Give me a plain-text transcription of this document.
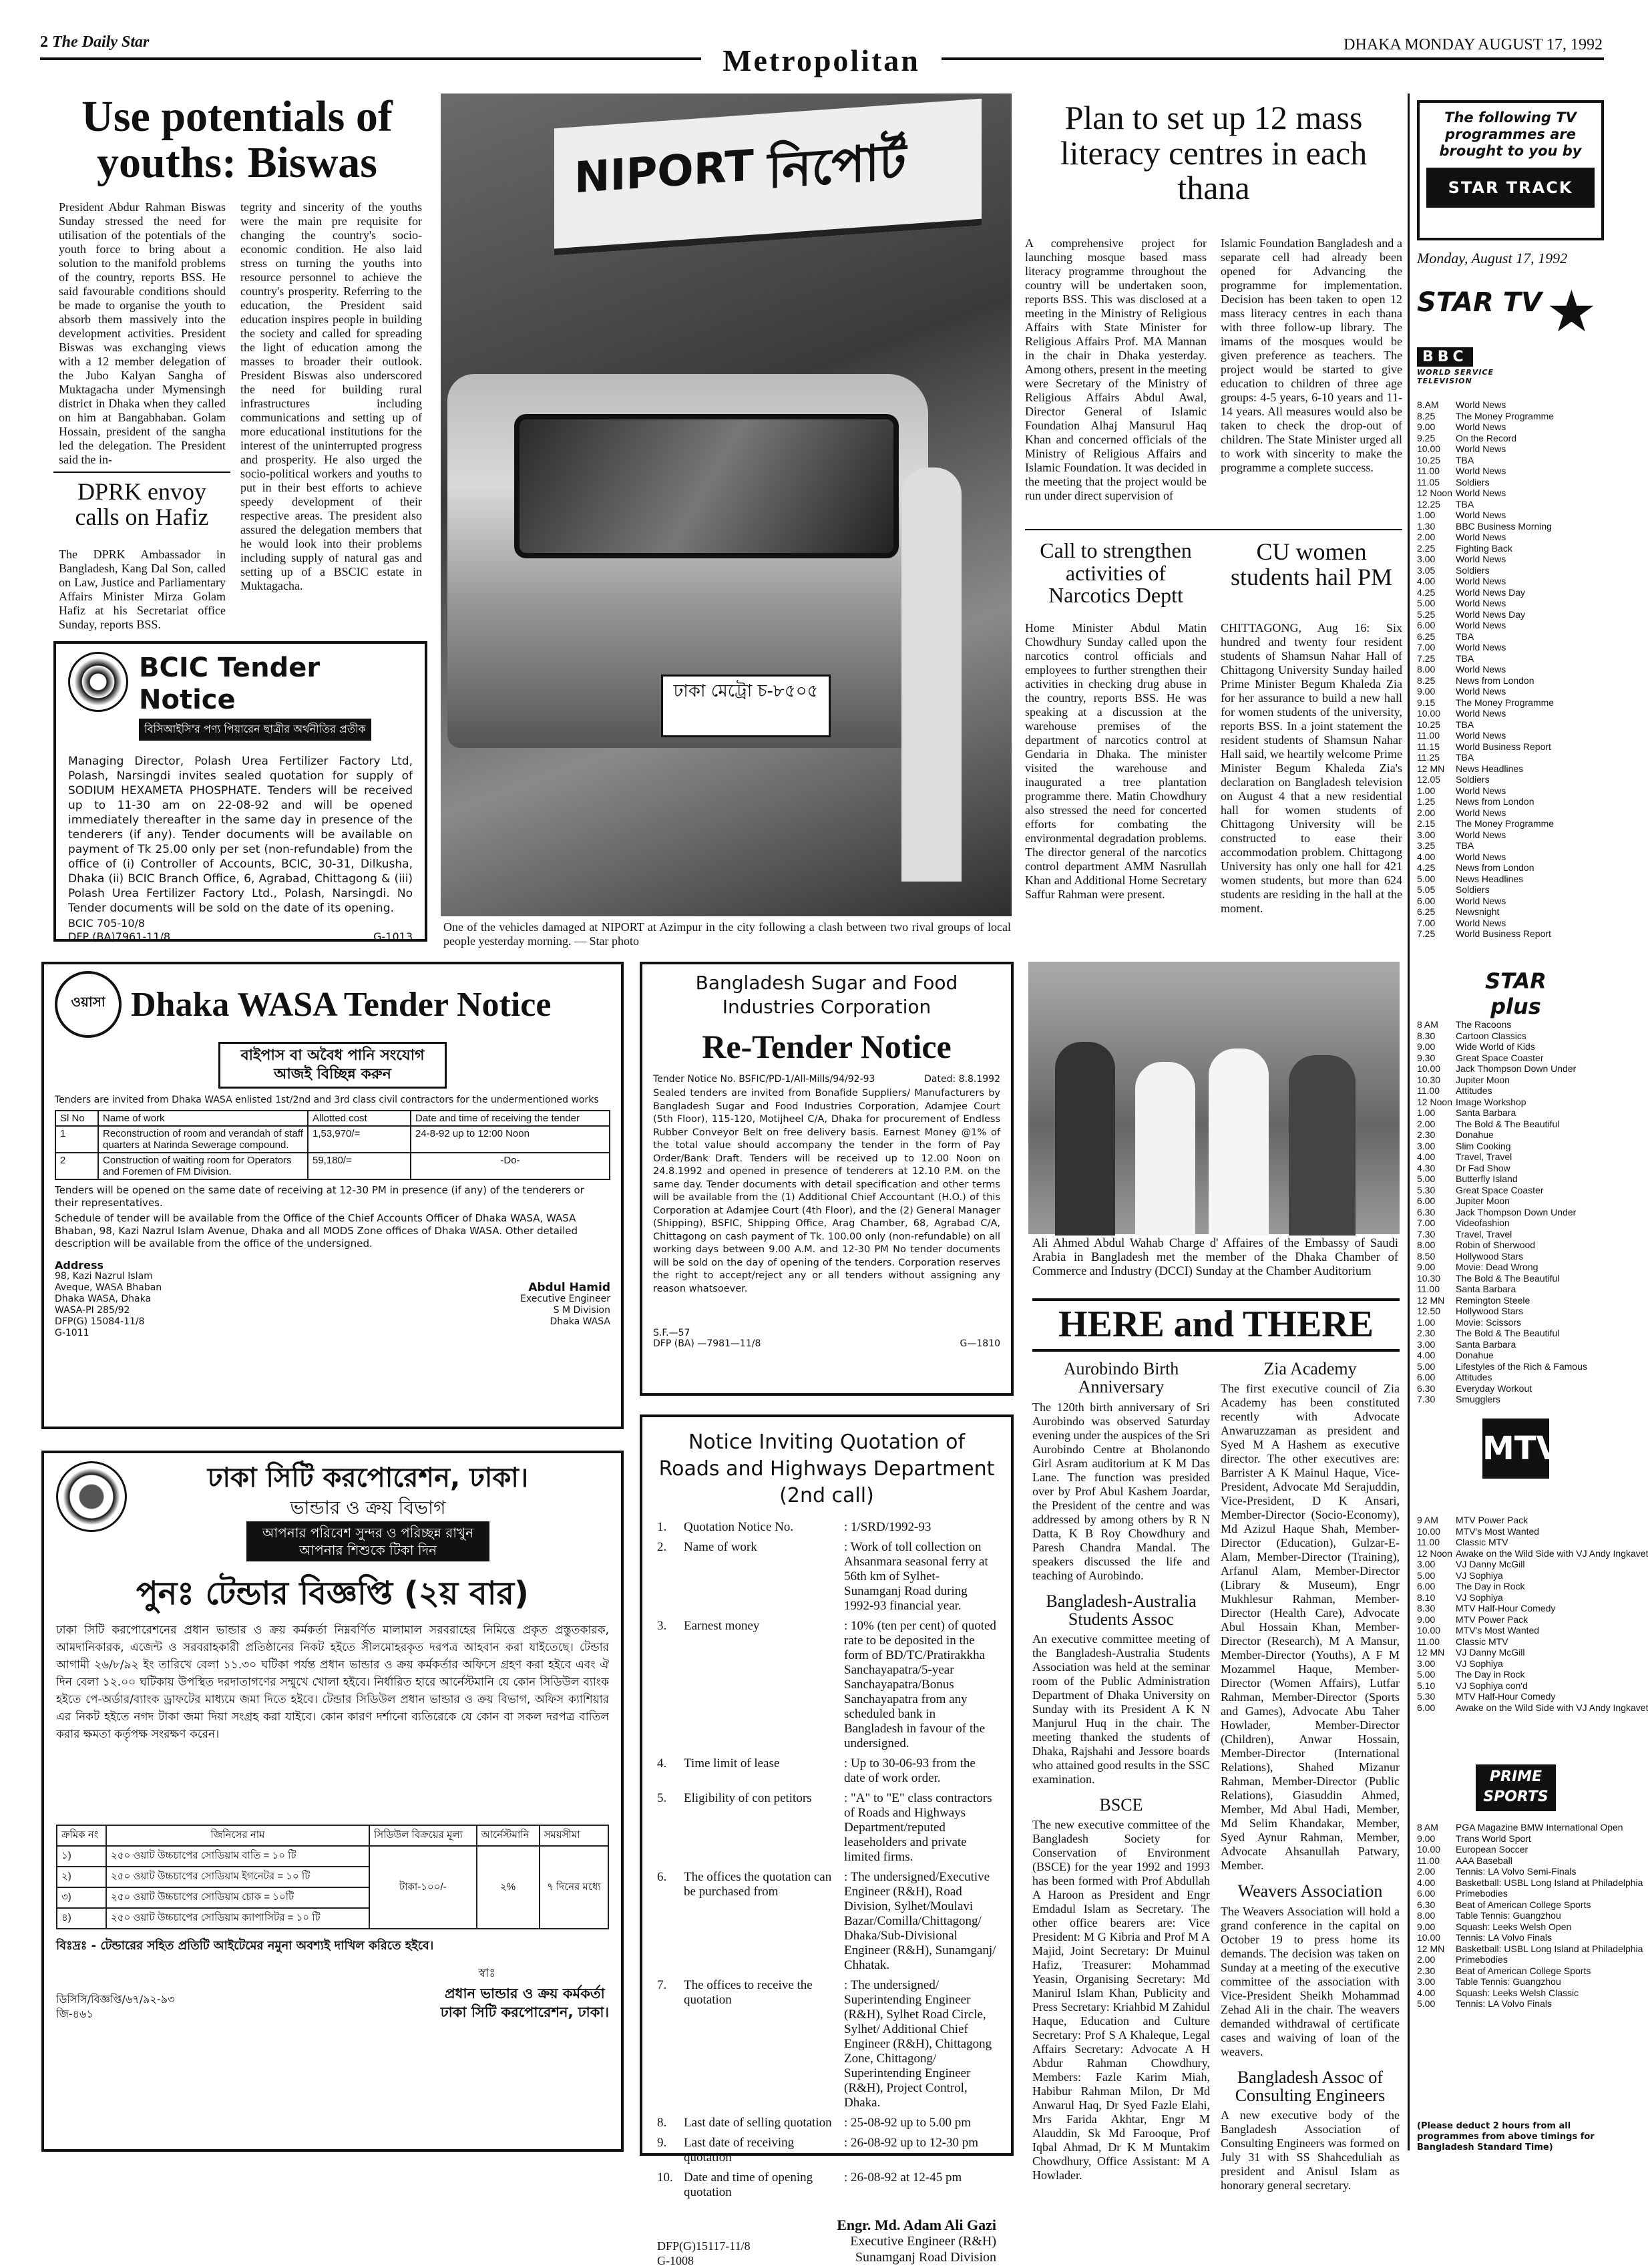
2 The Daily Star
Metropolitan	DHAKA MONDAY AUGUST 17, 1992
Use potentials of youths: Biswas
President Abdur Rahman Biswas Sunday stressed the need for utilisation of the potentials of the youth force to bring about a solution to the manifold problems of the country, reports BSS. He said favourable conditions should be made to organise the youth to absorb them massively into the development activities. President Biswas was exchanging views with a 12 member delegation of the Jubo Kalyan Sangha of Muktagacha under Mymensingh district in Dhaka when they called on him at Bangabhaban. Golam Hossain, president of the sangha led the delegation. The President said the in-
tegrity and sincerity of the youths were the main pre requisite for changing the country's socio-economic condition. He also laid stress on turning the youths into resource personnel to achieve the country's prosperity. Referring to the education, the President said education inspires people in building the society and called for spreading the light of education among the masses to broader their outlook. President Biswas also underscored the need for building rural infrastructures including communications and setting up of more educational institutions for the interest of the uninterrupted progress and prosperity. He also urged the socio-political workers and youths to put in their best efforts to achieve speedy development of their respective areas. The president also assured the delegation members that he would look into their problems including supply of natural gas and setting up of a BSCIC estate in Muktagacha.
DPRK envoy calls on Hafiz
The DPRK Ambassador in Bangladesh, Kang Dal Son, called on Law, Justice and Parliamentary Affairs Minister Mirza Golam Hafiz at his Secretariat office Sunday, reports BSS.
BCIC Tender Notice
বিসিআইসি'র পণ্য পিয়ারেন ছাত্রীর অর্থনীতির প্রতীক
Managing Director, Polash Urea Fertilizer Factory Ltd, Polash, Narsingdi invites sealed quotation for supply of SODIUM HEXAMETA PHOSPHATE. Tenders will be received up to 11-30 am on 22-08-92 and will be opened immediately thereafter in the same day in presence of the tenderers (if any). Tender documents will be available on payment of Tk 25.00 only per set (non-refundable) from the office of (i) Controller of Accounts, BCIC, 30-31, Dilkusha, Dhaka (ii) BCIC Branch Office, 6, Agrabad, Chittagong & (iii) Polash Urea Fertilizer Factory Ltd., Polash, Narsingdi. No Tender documents will be sold on the date of its opening.
BCIC 705-10/8
DFP (BA)7961-11/8	G-1013
NIPORT নিপোর্ট
ঢাকা মেট্রো চ-৮৫০৫
One of the vehicles damaged at NIPORT at Azimpur in the city following a clash between two rival groups of local people yesterday morning. — Star photo
Plan to set up 12 mass literacy centres in each thana
A comprehensive project for launching mosque based mass literacy programme throughout the country will be undertaken soon, reports BSS. This was disclosed at a meeting in the Ministry of Religious Affairs with State Minister for Religious Affairs Prof. MA Mannan in the chair in Dhaka yesterday. Among others, present in the meeting were Secretary of the Ministry of Religious Affairs Abdul Awal, Director General of Islamic Foundation Alhaj Mansurul Haq Khan and concerned officials of the Ministry of Religious Affairs and Islamic Foundation. It was decided in the meeting that the project would be run under direct supervision of
Islamic Foundation Bangladesh and a separate cell had already been opened for Advancing the programme for implementation. Decision has been taken to open 12 mass literacy centres in each thana with three follow-up library. The imams of the mosques would be given preference as teachers. The project would be started to give education to children of three age groups: 4-5 years, 6-10 years and 11-14 years. All measures would also be taken to check the drop-out of children. The State Minister urged all to work with sincerity to make the programme a complete success.
Call to strengthen activities of Narcotics Deptt
Home Minister Abdul Matin Chowdhury Sunday called upon the narcotics control officials and employees to further strengthen their activities in checking drug abuse in the country, reports BSS. He was speaking at a discussion at the warehouse premises of the department of narcotics control at Gendaria in Dhaka. The minister visited the warehouse and inaugurated a tree plantation programme there. Matin Chowdhury also stressed the need for concerted efforts for combating the environmental degradation problems. The director general of the narcotics control department AMM Nasrullah Khan and Additional Home Secretary Saffur Rahman were present.
CU women students hail PM
CHITTAGONG, Aug 16: Six hundred and twenty four resident students of Shamsun Nahar Hall of Chittagong University Sunday hailed Prime Minister Begum Khaleda Zia for her assurance to build a new hall for women students of the university, reports BSS. In a joint statement the resident students of Shamsun Nahar Hall said, we heartily welcome Prime Minister Begum Khaleda Zia's declaration on Bangladesh television on August 4 that a new residential hall for women students of Chittagong University will be constructed to ease their accommodation problem. Chittagong University has only one hall for 421 women students, but more than 624 students are residing in the hall at the moment.
The following TV programmes are brought to you by
STAR TRACK
Monday, August 17, 1992
STAR TV ★
BBC
WORLD SERVICE TELEVISION
8.AM	World News
8.25	The Money Programme
9.00	World News
9.25	On the Record
10.00	World News
10.25	TBA
11.00	World News
11.05	Soldiers
12 Noon World News
12.25	TBA
1.00	World News
1.30	BBC Business Morning
2.00	World News
2.25	Fighting Back
3.00	World News
3.05	Soldiers
4.00	World News
4.25	World News Day
5.00	World News
5.25	World News Day
6.00	World News
6.25	TBA
7.00	World News
7.25	TBA
8.00	World News
8.25	News from London
9.00	World News
9.15	The Money Programme
10.00	World News
10.25	TBA
11.00	World News
11.15	World Business Report
11.25	TBA
12 MN	News Headlines
12.05	Soldiers
1.00	World News
1.25	News from London
2.00	World News
2.15	The Money Programme
3.00	World News
3.25	TBA
4.00	World News
4.25	News from London
5.00	News Headlines
5.05	Soldiers
6.00	World News
6.25	Newsnight
7.00	World News
7.25	World Business Report
STAR plus
8 AM	The Racoons
8.30	Cartoon Classics
9.00	Wide World of Kids
9.30	Great Space Coaster
10.00	Jack Thompson Down Under
10.30	Jupiter Moon
11.00	Attitudes
12 Noon Image Workshop
1.00	Santa Barbara
2.00	The Bold & The Beautiful
2.30	Donahue
3.00	Slim Cooking
4.00	Travel, Travel
4.30	Dr Fad Show
5.00	Butterfly Island
5.30	Great Space Coaster
6.00	Jupiter Moon
6.30	Jack Thompson Down Under
7.00	Videofashion
7.30	Travel, Travel
8.00	Robin of Sherwood
8.50	Hollywood Stars
9.00	Movie: Dead Wrong
10.30	The Bold & The Beautiful
11.00	Santa Barbara
12 MN	Remington Steele
12.50	Hollywood Stars
1.00	Movie: Scissors
2.30	The Bold & The Beautiful
3.00	Santa Barbara
4.00	Donahue
5.00	Lifestyles of the Rich & Famous
6.00	Attitudes
6.30	Everyday Workout
7.30	Smugglers
MTV
9 AM	MTV Power Pack
10.00	MTV's Most Wanted
11.00	Classic MTV
12 Noon Awake on the Wild Side with VJ Andy Ingkavet
3.00	VJ Danny McGill
5.00	VJ Sophiya
6.00	The Day in Rock
8.10	VJ Sophiya
8.30	MTV Half-Hour Comedy
9.00	MTV Power Pack
10.00	MTV's Most Wanted
11.00	Classic MTV
12 MN	VJ Danny McGill
3.00	VJ Sophiya
5.00	The Day in Rock
5.10	VJ Sophiya con'd
5.30	MTV Half-Hour Comedy
6.00	Awake on the Wild Side with VJ Andy Ingkavet
PRIME SPORTS
8 AM	PGA Magazine BMW International Open
9.00	Trans World Sport
10.00	European Soccer
11.00	AAA Baseball
2.00	Tennis: LA Volvo Semi-Finals
4.00	Basketball: USBL Long Island at Philadelphia
6.00	Primebodies
6.30	Beat of American College Sports
8.00	Table Tennis: Guangzhou
9.00	Squash: Leeks Welsh Open
10.00	Tennis: LA Volvo Finals
12 MN	Basketball: USBL Long Island at Philadelphia
2.00	Primebodies
2.30	Beat of American College Sports
3.00	Table Tennis: Guangzhou
4.00	Squash: Leeks Welsh Classic
5.00	Tennis: LA Volvo Finals
(Please deduct 2 hours from all programmes from above timings for Bangladesh Standard Time)
ওয়াসা Dhaka WASA Tender Notice
বাইপাস বা অবৈধ পানি সংযোগ
আজই বিচ্ছিন্ন করুন
Tenders are invited from Dhaka WASA enlisted 1st/2nd and 3rd class civil contractors for the undermentioned works
Sl No	Name of work	Allotted cost	Date and time of receiving the tender
1	Reconstruction of room and verandah of staff quarters at Narinda Sewerage compound.	1,53,970/=	24-8-92 up to 12:00 Noon
2	Construction of waiting room for Operators and Foremen of FM Division.	59,180/=	-Do-
Tenders will be opened on the same date of receiving at 12-30 PM in presence (if any) of the tenderers or their representatives.
Schedule of tender will be available from the Office of the Chief Accounts Officer of Dhaka WASA, WASA Bhaban, 98, Kazi Nazrul Islam Avenue, Dhaka and all MODS Zone offices of Dhaka WASA. Other detailed description will be available from the office of the undersigned.
Address
98, Kazi Nazrul Islam
Aveque, WASA Bhaban
Dhaka WASA, Dhaka
WASA-PI 285/92
DFP(G) 15084-11/8
G-1011
Abdul Hamid
Executive Engineer
S M Division
Dhaka WASA
Bangladesh Sugar and Food Industries Corporation
Re-Tender Notice
Tender Notice No. BSFIC/PD-1/All-Mills/94/92-93	Dated: 8.8.1992
Sealed tenders are invited from Bonafide Suppliers/ Manufacturers by Bangladesh Sugar and Food Industries Corporation, Adamjee Court (5th Floor), 115-120, Motijheel C/A, Dhaka for procurement of Endless Rubber Conveyor Belt on free delivery basis. Earnest Money @1% of the total value should accompany the tender in the form of Pay Order/Bank Draft. Tenders will be received up to 12.00 Noon on 24.8.1992 and opened in presence of tenderers at 12.10 P.M. on the same day. Tender documents with detail specification and other terms will be available from the (1) Additional Chief Accountant (H.O.) of this Corporation at Adamjee Court (4th Floor), and the (2) General Manager (Shipping), BSFIC, Shipping Office, Arag Chamber, 68, Agrabad C/A, Chittagong on cash payment of Tk. 100.00 only (non-refundable) on all working days between 9.00 A.M. and 12-30 PM No tender documents will be sold on the day of opening of the tenders. Corporation reserves the right to accept/reject any or all tenders without assigning any reason whatsoever.
S.F.—57
DFP (BA) —7981—11/8	G—1810
Notice Inviting Quotation of Roads and Highways Department (2nd call)
1.	Quotation Notice No.	: 1/SRD/1992-93
2.	Name of work	: Work of toll collection on Ahsanmara seasonal ferry at 56th km of Sylhet-Sunamganj Road during 1992-93 financial year.
3.	Earnest money	: 10% (ten per cent) of quoted rate to be deposited in the form of BD/TC/Pratirakkha Sanchayapatra/5-year Sanchayapatra/Bonus Sanchayapatra from any scheduled bank in Bangladesh in favour of the undersigned.
4.	Time limit of lease	: Up to 30-06-93 from the date of work order.
5.	Eligibility of con petitors	: "A" to "E" class contractors of Roads and Highways Department/reputed leaseholders and private limited firms.
6.	The offices the quotation can be purchased from
: The undersigned/Executive Engineer (R&H), Road Division, Sylhet/Moulavi Bazar/Comilla/Chittagong/ Dhaka/Sub-Divisional Engineer (R&H), Sunamganj/ Chhatak.
7.	The offices to receive the quotation
: The undersigned/ Superintending Engineer (R&H), Sylhet Road Circle, Sylhet/ Additional Chief Engineer (R&H), Chittagong Zone, Chittagong/ Superintending Engineer (R&H), Project Control, Dhaka.
8.	Last date of selling quotation : 25-08-92 up to 5.00 pm
9.	Last date of receiving quotation
: 26-08-92 up to 12-30 pm
10. Date and time of opening quotation
: 26-08-92 at 12-45 pm
Engr. Md. Adam Ali Gazi
Executive Engineer (R&H)
Sunamganj Road Division
DFP(G)15117-11/8
G-1008
ঢাকা সিটি করপোরেশন, ঢাকা।
ভান্ডার ও ক্রয় বিভাগ
আপনার পরিবেশ সুন্দর ও পরিচ্ছন্ন রাখুন
আপনার শিশুকে টিকা দিন
পুনঃ টেন্ডার বিজ্ঞপ্তি (২য় বার)
ঢাকা সিটি করপোরেশনের প্রধান ভান্ডার ও ক্রয় কর্মকর্তা নিম্নবর্ণিত মালামাল সরবরাহের নিমিত্তে প্রকৃত প্রস্তুতকারক, আমদানিকারক, এজেন্ট ও সরবরাহকারী প্রতিষ্ঠানের নিকট হইতে সীলমোহরকৃত দরপত্র আহবান করা যাইতেছে। টেন্ডার আগামী ২৬/৮/৯২ ইং তারিখে বেলা ১১.৩০ ঘটিকা পর্যন্ত প্রধান ভান্ডার ও ক্রয় কর্মকর্তার অফিসে গ্রহণ করা হইবে এবং ঐ দিন বেলা ১২.০০ ঘটিকায় উপস্থিত দরদাতাগণের সম্মুখে খোলা হইবে। নির্ধারিত হারে আর্নেস্টমানি যে কোন সিডিউল ব্যাংক হইতে পে-অর্ডার/ব্যাংক ড্রাফটের মাধ্যমে জমা দিতে হইবে। টেন্ডার সিডিউল প্রধান ভান্ডার ও ক্রয় বিভাগ, অফিস ক্যাশিয়ার এর নিকট হইতে নগদ টাকা জমা দিয়া সংগ্রহ করা যাইবে। কোন কারণ দর্শানো ব্যতিরেকে যে কোন বা সকল দরপত্র বাতিল করার ক্ষমতা কর্তৃপক্ষ সংরক্ষণ করেন।
ক্রমিক নং	জিনিসের নাম	সিডিউল বিক্রয়ের মূল্য	আর্নেস্টমানি	সময়সীমা
১)	২৫০ ওয়াট উচ্চচাপের সোডিয়াম বাতি = ১০ টি	টাকা-১০০/-	২%	৭ দিনের মধ্যে
২)	২৫০ ওয়াট উচ্চচাপের সোডিয়াম ইগনেটর = ১০ টি			
৩)	২৫০ ওয়াট উচ্চচাপের সোডিয়াম চোক = ১০টি			
৪)	২৫০ ওয়াট উচ্চচাপের সোডিয়াম ক্যাপাসিটর = ১০ টি			
বিঃদ্রঃ - টেন্ডারের সহিত প্রতিটি আইটেমের নমুনা অবশ্যই দাখিল করিতে হইবে।
স্বাঃ
ডিসিসি/বিজ্ঞপ্তি/৬৭/৯২-৯৩
জি-৪৬১
প্রধান ভান্ডার ও ক্রয় কর্মকর্তা
ঢাকা সিটি করপোরেশন, ঢাকা।
Ali Ahmed Abdul Wahab Charge d' Affaires of the Embassy of Saudi Arabia in Bangladesh met the member of the Dhaka Chamber of Commerce and Industry (DCCI) Sunday at the Chamber Auditorium
HERE and THERE
Aurobindo Birth Anniversary
The 120th birth anniversary of Sri Aurobindo was observed Saturday evening under the auspices of the Sri Aurobindo Centre at Bholanondo Girl Asram auditorium at K M Das Lane. The function was presided over by Prof Abul Kashem Joardar, the President of the centre and was addressed by among others by R N Datta, K B Roy Chowdhury and Paresh Chandra Mandal. The speakers discussed the life and teaching of Aurobindo.
Bangladesh-Australia Students Assoc
An executive committee meeting of the Bangladesh-Australia Students Association was held at the seminar room of the Public Administration Department of Dhaka University on Sunday with its President A K N Manjurul Huq in the chair. The meeting thanked the students of Dhaka, Rajshahi and Jessore boards who attained good results in the SSC examination.
BSCE
The new executive committee of the Bangladesh Society for Conservation of Environment (BSCE) for the year 1992 and 1993 has been formed with Prof Abdullah A Haroon as President and Engr Emdadul Islam as Secretary. The other office bearers are: Vice President: M G Kibria and Prof M A Majid, Joint Secretary: Dr Muinul Hafiz, Treasurer: Mohammad Yeasin, Organising Secretary: Md Manirul Islam Khan, Publicity and Press Secretary: Kriahbid M Zahidul Haque, Education and Culture Secretary: Prof S A Khaleque, Legal Affairs Secretary: Advocate A H Abdur Rahman Chowdhury, Members: Fazle Karim Miah, Habibur Rahman Milon, Dr Md Anwarul Haq, Dr Syed Fazle Elahi, Mrs Farida Akhtar, Engr M Alauddin, Sk Md Farooque, Prof Iqbal Ahmad, Dr K M Muntakim Chowdhury, Office Assistant: M A Howlader.
Zia Academy
The first executive council of Zia Academy has been constituted recently with Advocate Anwaruzzaman as president and Syed M A Hashem as executive director. The other executives are: Barrister A K Mainul Haque, Vice-President, Advocate Md Serajuddin, Vice-President, D K Ansari, Member-Director (Socio-Economy), Md Azizul Haque Shah, Member-Director (Education), Gulzar-E-Alam, Member-Director (Training), Arfanul Alam, Member-Director (Library & Museum), Engr Mukhlesur Rahman, Member-Director (Health Care), Advocate Abul Hossain Khan, Member-Director (Research), M A Mansur, Member-Director (Youths), A F M Mozammel Haque, Member-Director (Women Affairs), Lutfar Rahman, Member-Director (Sports and Games), Advocate Abu Taher Howlader, Member-Director (Children), Anwar Hossain, Member-Director (International Relations), Shahed Mizanur Rahman, Member-Director (Public Relations), Giasuddin Ahmed, Member, Md Abul Hadi, Member, Md Selim Khandakar, Member, Syed Aynur Rahman, Member, Advocate Ahsanullah Patwary, Member.
Weavers Association
The Weavers Association will hold a grand conference in the capital on October 19 to press home its demands. The decision was taken on Sunday at a meeting of the executive committee of the association with Vice-President Sheikh Mohammad Zehad Ali in the chair. The weavers demanded withdrawal of certificate cases and waiving of loan of the weavers.
Bangladesh Assoc of Consulting Engineers
A new executive body of the Bangladesh Association of Consulting Engineers was formed on July 31 with SS Shahceduliah as president and Anisul Islam as honorary general secretary.
